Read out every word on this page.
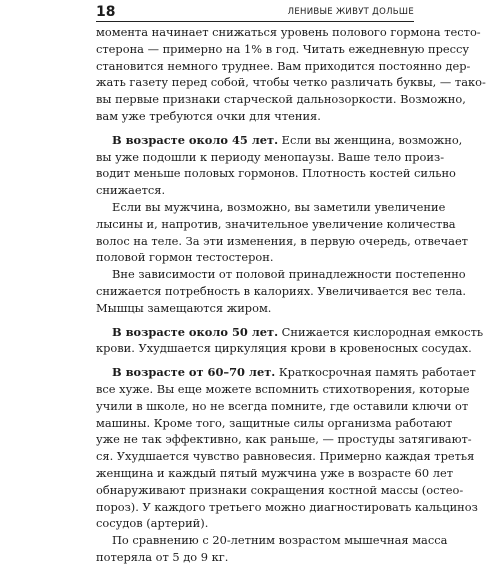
18	ЛЕНИВЫЕ ЖИВУТ ДОЛЬШЕ
момента начинает снижаться уровень полового гормона тесто-
стерона — примерно на 1% в год. Читать ежедневную прессу
становится немного труднее. Вам приходится постоянно дер-
жать газету перед собой, чтобы четко различать буквы, — тако-
вы первые признаки старческой дальнозоркости. Возможно,
вам уже требуются очки для чтения.
В возрасте около 45 лет. Если вы женщина, возможно,
вы уже подошли к периоду менопаузы. Ваше тело произ-
водит меньше половых гормонов. Плотность костей сильно
снижается.
Если вы мужчина, возможно, вы заметили увеличение
лысины и, напротив, значительное увеличение количества
волос на теле. За эти изменения, в первую очередь, отвечает
половой гормон тестостерон.
Вне зависимости от половой принадлежности постепенно
снижается потребность в калориях. Увеличивается вес тела.
Мышцы замещаются жиром.
В возрасте около 50 лет. Снижается кислородная емкость
крови. Ухудшается циркуляция крови в кровеносных сосудах.
В возрасте от 60–70 лет. Краткосрочная память работает
все хуже. Вы еще можете вспомнить стихотворения, которые
учили в школе, но не всегда помните, где оставили ключи от
машины. Кроме того, защитные силы организма работают
уже не так эффективно, как раньше, — простуды затягивают-
ся. Ухудшается чувство равновесия. Примерно каждая третья
женщина и каждый пятый мужчина уже в возрасте 60 лет
обнаруживают признаки сокращения костной массы (остео-
пороз). У каждого третьего можно диагностировать кальциноз
сосудов (артерий).
По сравнению с 20-летним возрастом мышечная масса
потеряла от 5 до 9 кг.
